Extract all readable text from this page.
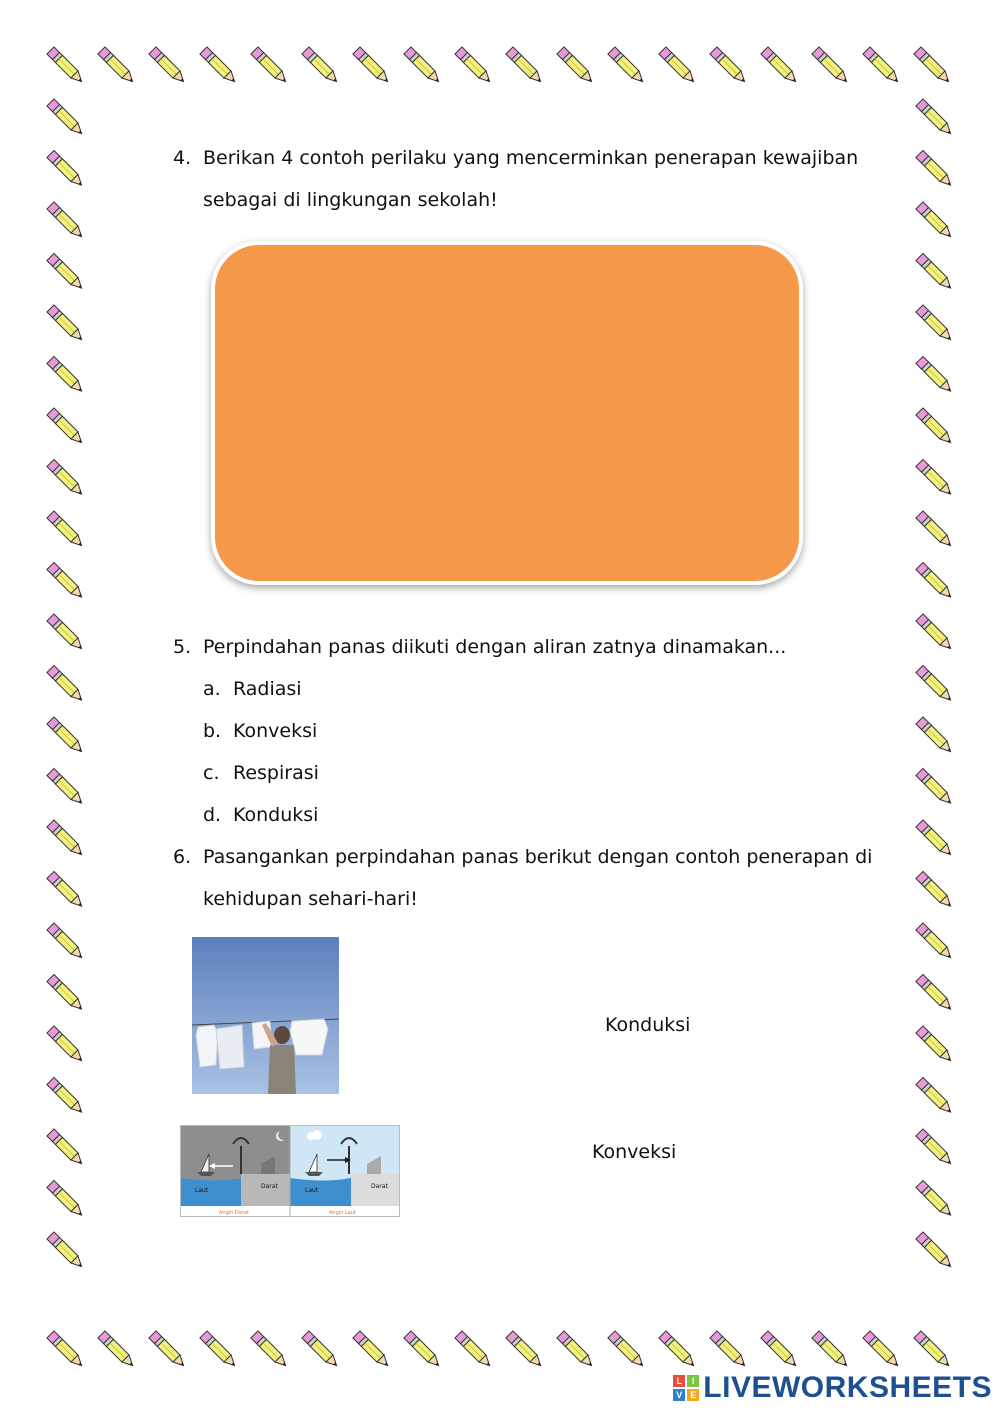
4. Berikan 4 contoh perilaku yang mencerminkan penerapan kewajiban
sebagai di lingkungan sekolah!
5. Perpindahan panas diikuti dengan aliran zatnya dinamakan...
a. Radiasi
b. Konveksi
c. Respirasi
d. Konduksi
6. Pasangankan perpindahan panas berikut dengan contoh penerapan di
kehidupan sehari-hari!
Konduksi
Laut
Darat
Laut
Darat
Angin Darat	Angin Laut
Konveksi
L	I
V E LIVEWORKSHEETS
